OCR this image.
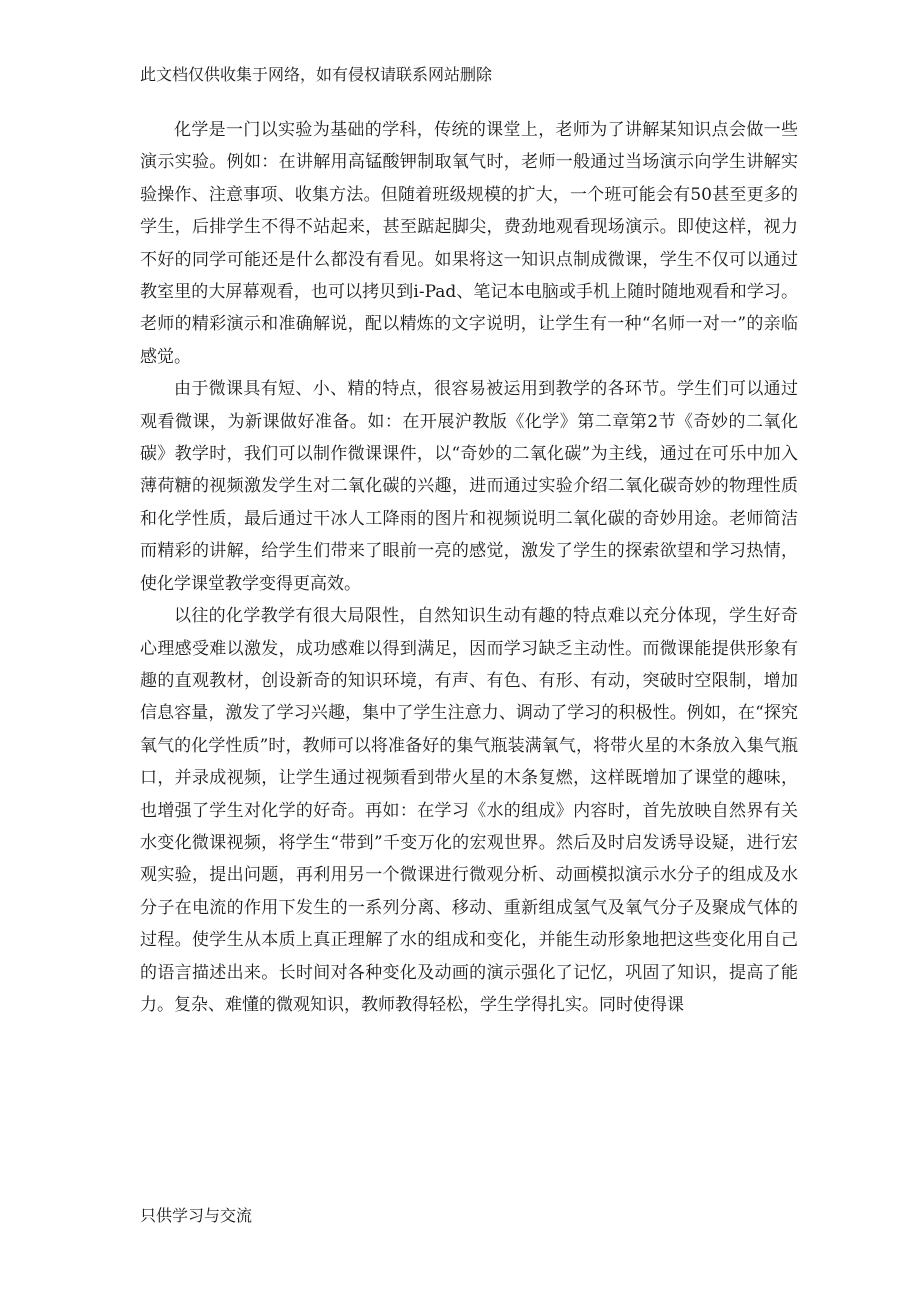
此文档仅供收集于网络，如有侵权请联系网站删除

化学是一门以实验为基础的学科，传统的课堂上，老师为了讲解某知识点会做一些演示实验。例如：在讲解用高锰酸钾制取氧气时，老师一般通过当场演示向学生讲解实验操作、注意事项、收集方法。但随着班级规模的扩大，一个班可能会有50甚至更多的学生，后排学生不得不站起来，甚至踮起脚尖，费劲地观看现场演示。即使这样，视力不好的同学可能还是什么都没有看见。如果将这一知识点制成微课，学生不仅可以通过教室里的大屏幕观看，也可以拷贝到i-Pad、笔记本电脑或手机上随时随地观看和学习。老师的精彩演示和准确解说，配以精炼的文字说明，让学生有一种“名师一对一”的亲临感觉。

由于微课具有短、小、精的特点，很容易被运用到教学的各环节。学生们可以通过观看微课，为新课做好准备。如：在开展沪教版《化学》第二章第2节《奇妙的二氧化碳》教学时，我们可以制作微课课件，以“奇妙的二氧化碳”为主线，通过在可乐中加入薄荷糖的视频激发学生对二氧化碳的兴趣，进而通过实验介绍二氧化碳奇妙的物理性质和化学性质，最后通过干冰人工降雨的图片和视频说明二氧化碳的奇妙用途。老师简洁而精彩的讲解，给学生们带来了眼前一亮的感觉，激发了学生的探索欲望和学习热情，使化学课堂教学变得更高效。

以往的化学教学有很大局限性，自然知识生动有趣的特点难以充分体现，学生好奇心理感受难以激发，成功感难以得到满足，因而学习缺乏主动性。而微课能提供形象有趣的直观教材，创设新奇的知识环境，有声、有色、有形、有动，突破时空限制，增加信息容量，激发了学习兴趣，集中了学生注意力、调动了学习的积极性。例如，在“探究氧气的化学性质”时，教师可以将准备好的集气瓶装满氧气，将带火星的木条放入集气瓶口，并录成视频，让学生通过视频看到带火星的木条复燃，这样既增加了课堂的趣味，也增强了学生对化学的好奇。再如：在学习《水的组成》内容时，首先放映自然界有关水变化微课视频，将学生“带到”千变万化的宏观世界。然后及时启发诱导设疑，进行宏观实验，提出问题，再利用另一个微课进行微观分析、动画模拟演示水分子的组成及水分子在电流的作用下发生的一系列分离、移动、重新组成氢气及氧气分子及聚成气体的过程。使学生从本质上真正理解了水的组成和变化，并能生动形象地把这些变化用自己的语言描述出来。长时间对各种变化及动画的演示强化了记忆，巩固了知识，提高了能力。复杂、难懂的微观知识，教师教得轻松，学生学得扎实。同时使得课

只供学习与交流
